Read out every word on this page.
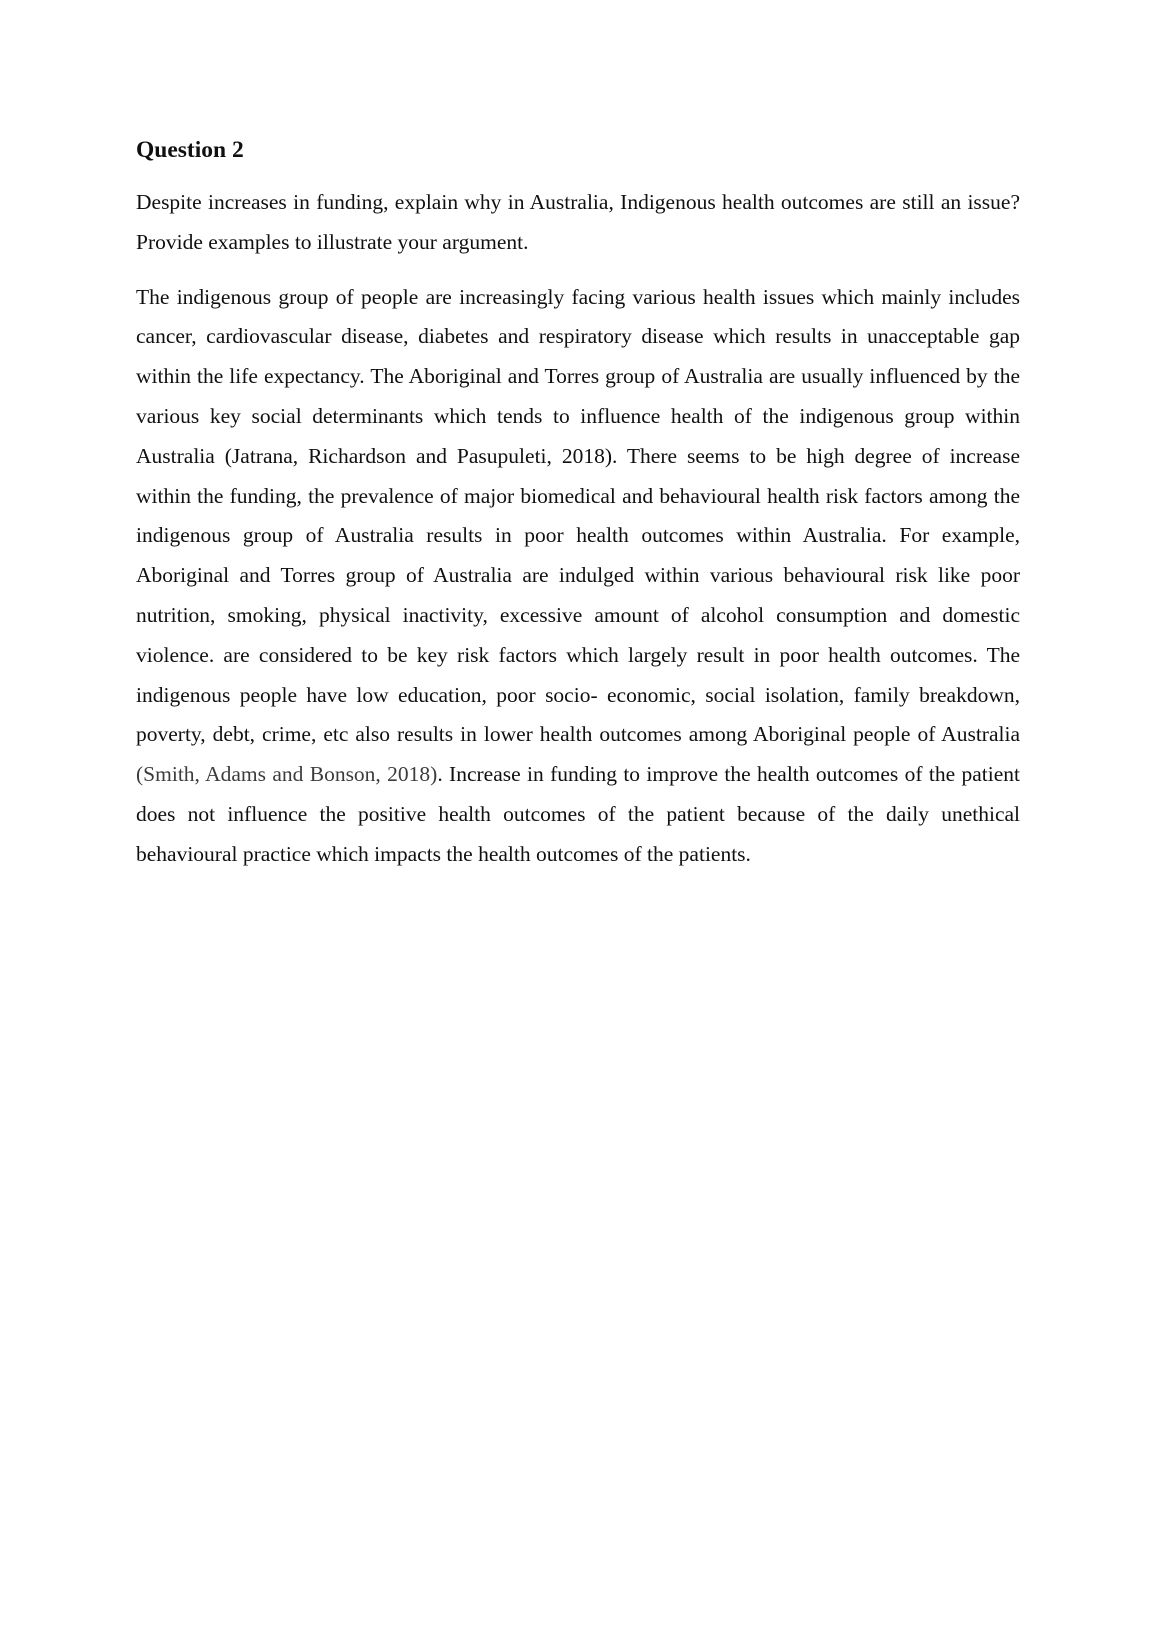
Question 2

Despite increases in funding, explain why in Australia, Indigenous health outcomes are still an issue? Provide examples to illustrate your argument.

The indigenous group of people are increasingly facing various health issues which mainly includes cancer, cardiovascular disease, diabetes and respiratory disease which results in unacceptable gap within the life expectancy. The Aboriginal and Torres group of Australia are usually influenced by the various key social determinants which tends to influence health of the indigenous group within Australia (Jatrana, Richardson and Pasupuleti, 2018). There seems to be high degree of increase within the funding, the prevalence of major biomedical and behavioural health risk factors among the indigenous group of Australia results in poor health outcomes within Australia. For example, Aboriginal and Torres group of Australia are indulged within various behavioural risk like poor nutrition, smoking, physical inactivity, excessive amount of alcohol consumption and domestic violence. are considered to be key risk factors which largely result in poor health outcomes. The indigenous people have low education, poor socio- economic, social isolation, family breakdown, poverty, debt, crime, etc also results in lower health outcomes among Aboriginal people of Australia (Smith, Adams and Bonson, 2018). Increase in funding to improve the health outcomes of the patient does not influence the positive health outcomes of the patient because of the daily unethical behavioural practice which impacts the health outcomes of the patients.
